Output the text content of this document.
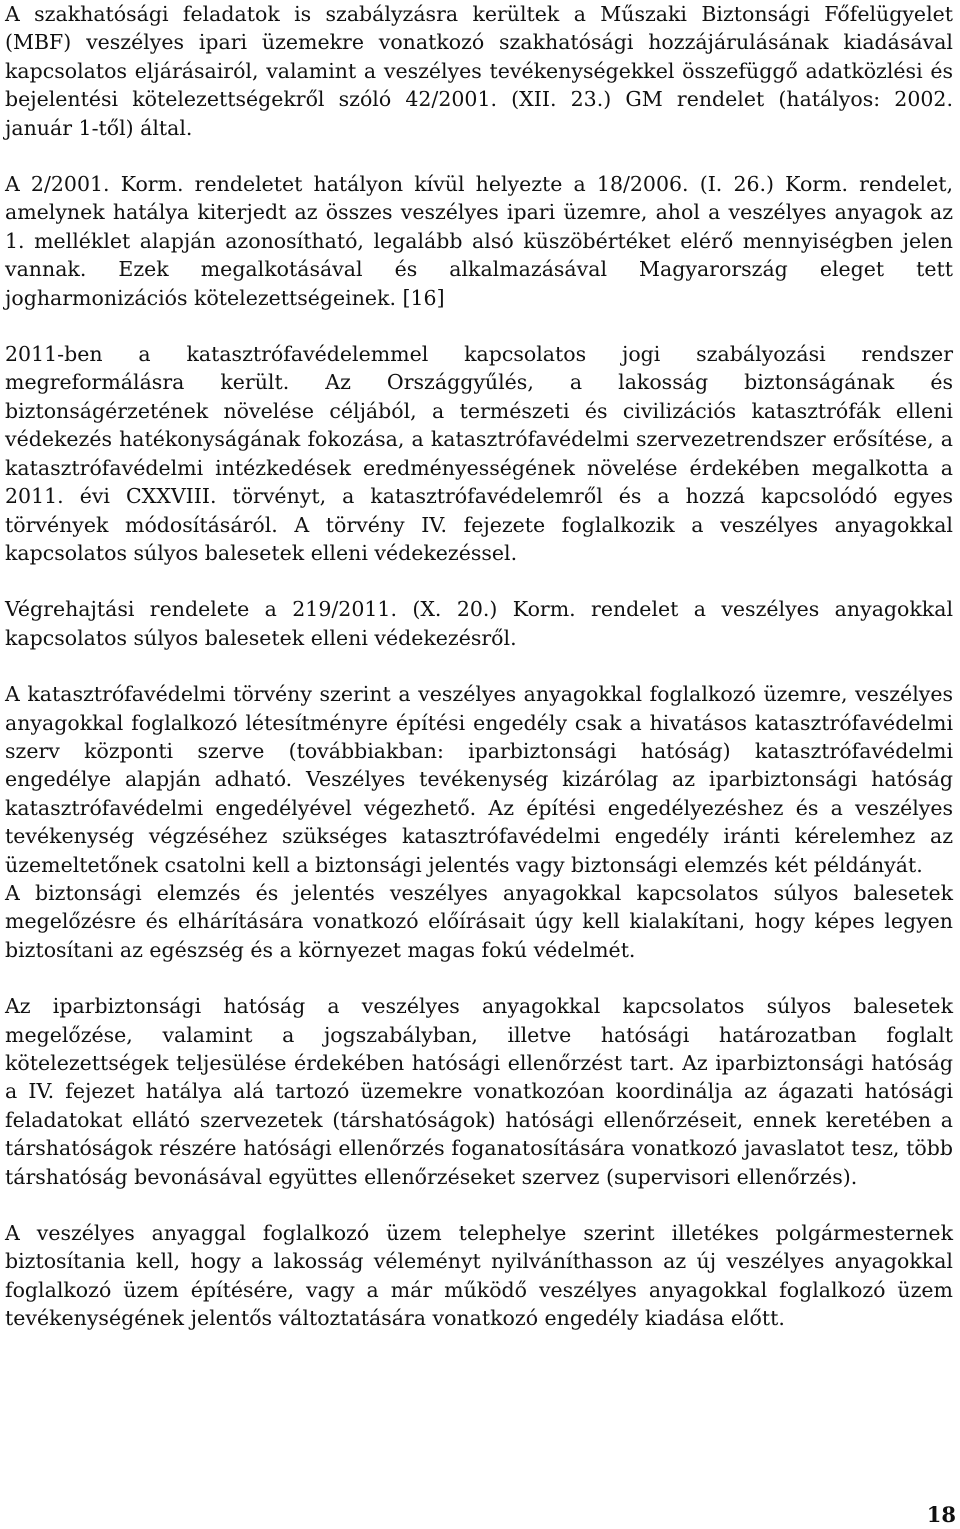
A szakhatósági feladatok is szabályzásra kerültek a Műszaki Biztonsági Főfelügyelet (MBF) veszélyes ipari üzemekre vonatkozó szakhatósági hozzájárulásának kiadásával kapcsolatos eljárásairól, valamint a veszélyes tevékenységekkel összefüggő adatközlési és bejelentési kötelezettségekről szóló 42/2001. (XII. 23.) GM rendelet (hatályos: 2002. január 1-től) által.

A 2/2001. Korm. rendeletet hatályon kívül helyezte a 18/2006. (I. 26.) Korm. rendelet, amelynek hatálya kiterjedt az összes veszélyes ipari üzemre, ahol a veszélyes anyagok az 1. melléklet alapján azonosítható, legalább alsó küszöbértéket elérő mennyiségben jelen vannak. Ezek megalkotásával és alkalmazásával Magyarország eleget tett jogharmonizációs kötelezettségeinek. [16]

2011-ben a katasztrófavédelemmel kapcsolatos jogi szabályozási rendszer megreformálásra került. Az Országgyűlés, a lakosság biztonságának és biztonságérzetének növelése céljából, a természeti és civilizációs katasztrófák elleni védekezés hatékonyságának fokozása, a katasztrófavédelmi szervezetrendszer erősítése, a katasztrófavédelmi intézkedések eredményességének növelése érdekében megalkotta a 2011. évi CXXVIII. törvényt, a katasztrófavédelemről és a hozzá kapcsolódó egyes törvények módosításáról. A törvény IV. fejezete foglalkozik a veszélyes anyagokkal kapcsolatos súlyos balesetek elleni védekezéssel.

Végrehajtási rendelete a 219/2011. (X. 20.) Korm. rendelet a veszélyes anyagokkal kapcsolatos súlyos balesetek elleni védekezésről.

A katasztrófavédelmi törvény szerint a veszélyes anyagokkal foglalkozó üzemre, veszélyes anyagokkal foglalkozó létesítményre építési engedély csak a hivatásos katasztrófavédelmi szerv központi szerve (továbbiakban: iparbiztonsági hatóság) katasztrófavédelmi engedélye alapján adható. Veszélyes tevékenység kizárólag az iparbiztonsági hatóság katasztrófavédelmi engedélyével végezhető. Az építési engedélyezéshez és a veszélyes tevékenység végzéséhez szükséges katasztrófavédelmi engedély iránti kérelemhez az üzemeltetőnek csatolni kell a biztonsági jelentés vagy biztonsági elemzés két példányát.

A biztonsági elemzés és jelentés veszélyes anyagokkal kapcsolatos súlyos balesetek megelőzésre és elhárítására vonatkozó előírásait úgy kell kialakítani, hogy képes legyen biztosítani az egészség és a környezet magas fokú védelmét.

Az iparbiztonsági hatóság a veszélyes anyagokkal kapcsolatos súlyos balesetek megelőzése, valamint a jogszabályban, illetve hatósági határozatban foglalt kötelezettségek teljesülése érdekében hatósági ellenőrzést tart. Az iparbiztonsági hatóság a IV. fejezet hatálya alá tartozó üzemekre vonatkozóan koordinálja az ágazati hatósági feladatokat ellátó szervezetek (társhatóságok) hatósági ellenőrzéseit, ennek keretében a társhatóságok részére hatósági ellenőrzés foganatosítására vonatkozó javaslatot tesz, több társhatóság bevonásával együttes ellenőrzéseket szervez (supervisori ellenőrzés).

A veszélyes anyaggal foglalkozó üzem telephelye szerint illetékes polgármesternek biztosítania kell, hogy a lakosság véleményt nyilváníthasson az új veszélyes anyagokkal foglalkozó üzem építésére, vagy a már működő veszélyes anyagokkal foglalkozó üzem tevékenységének jelentős változtatására vonatkozó engedély kiadása előtt.

18
